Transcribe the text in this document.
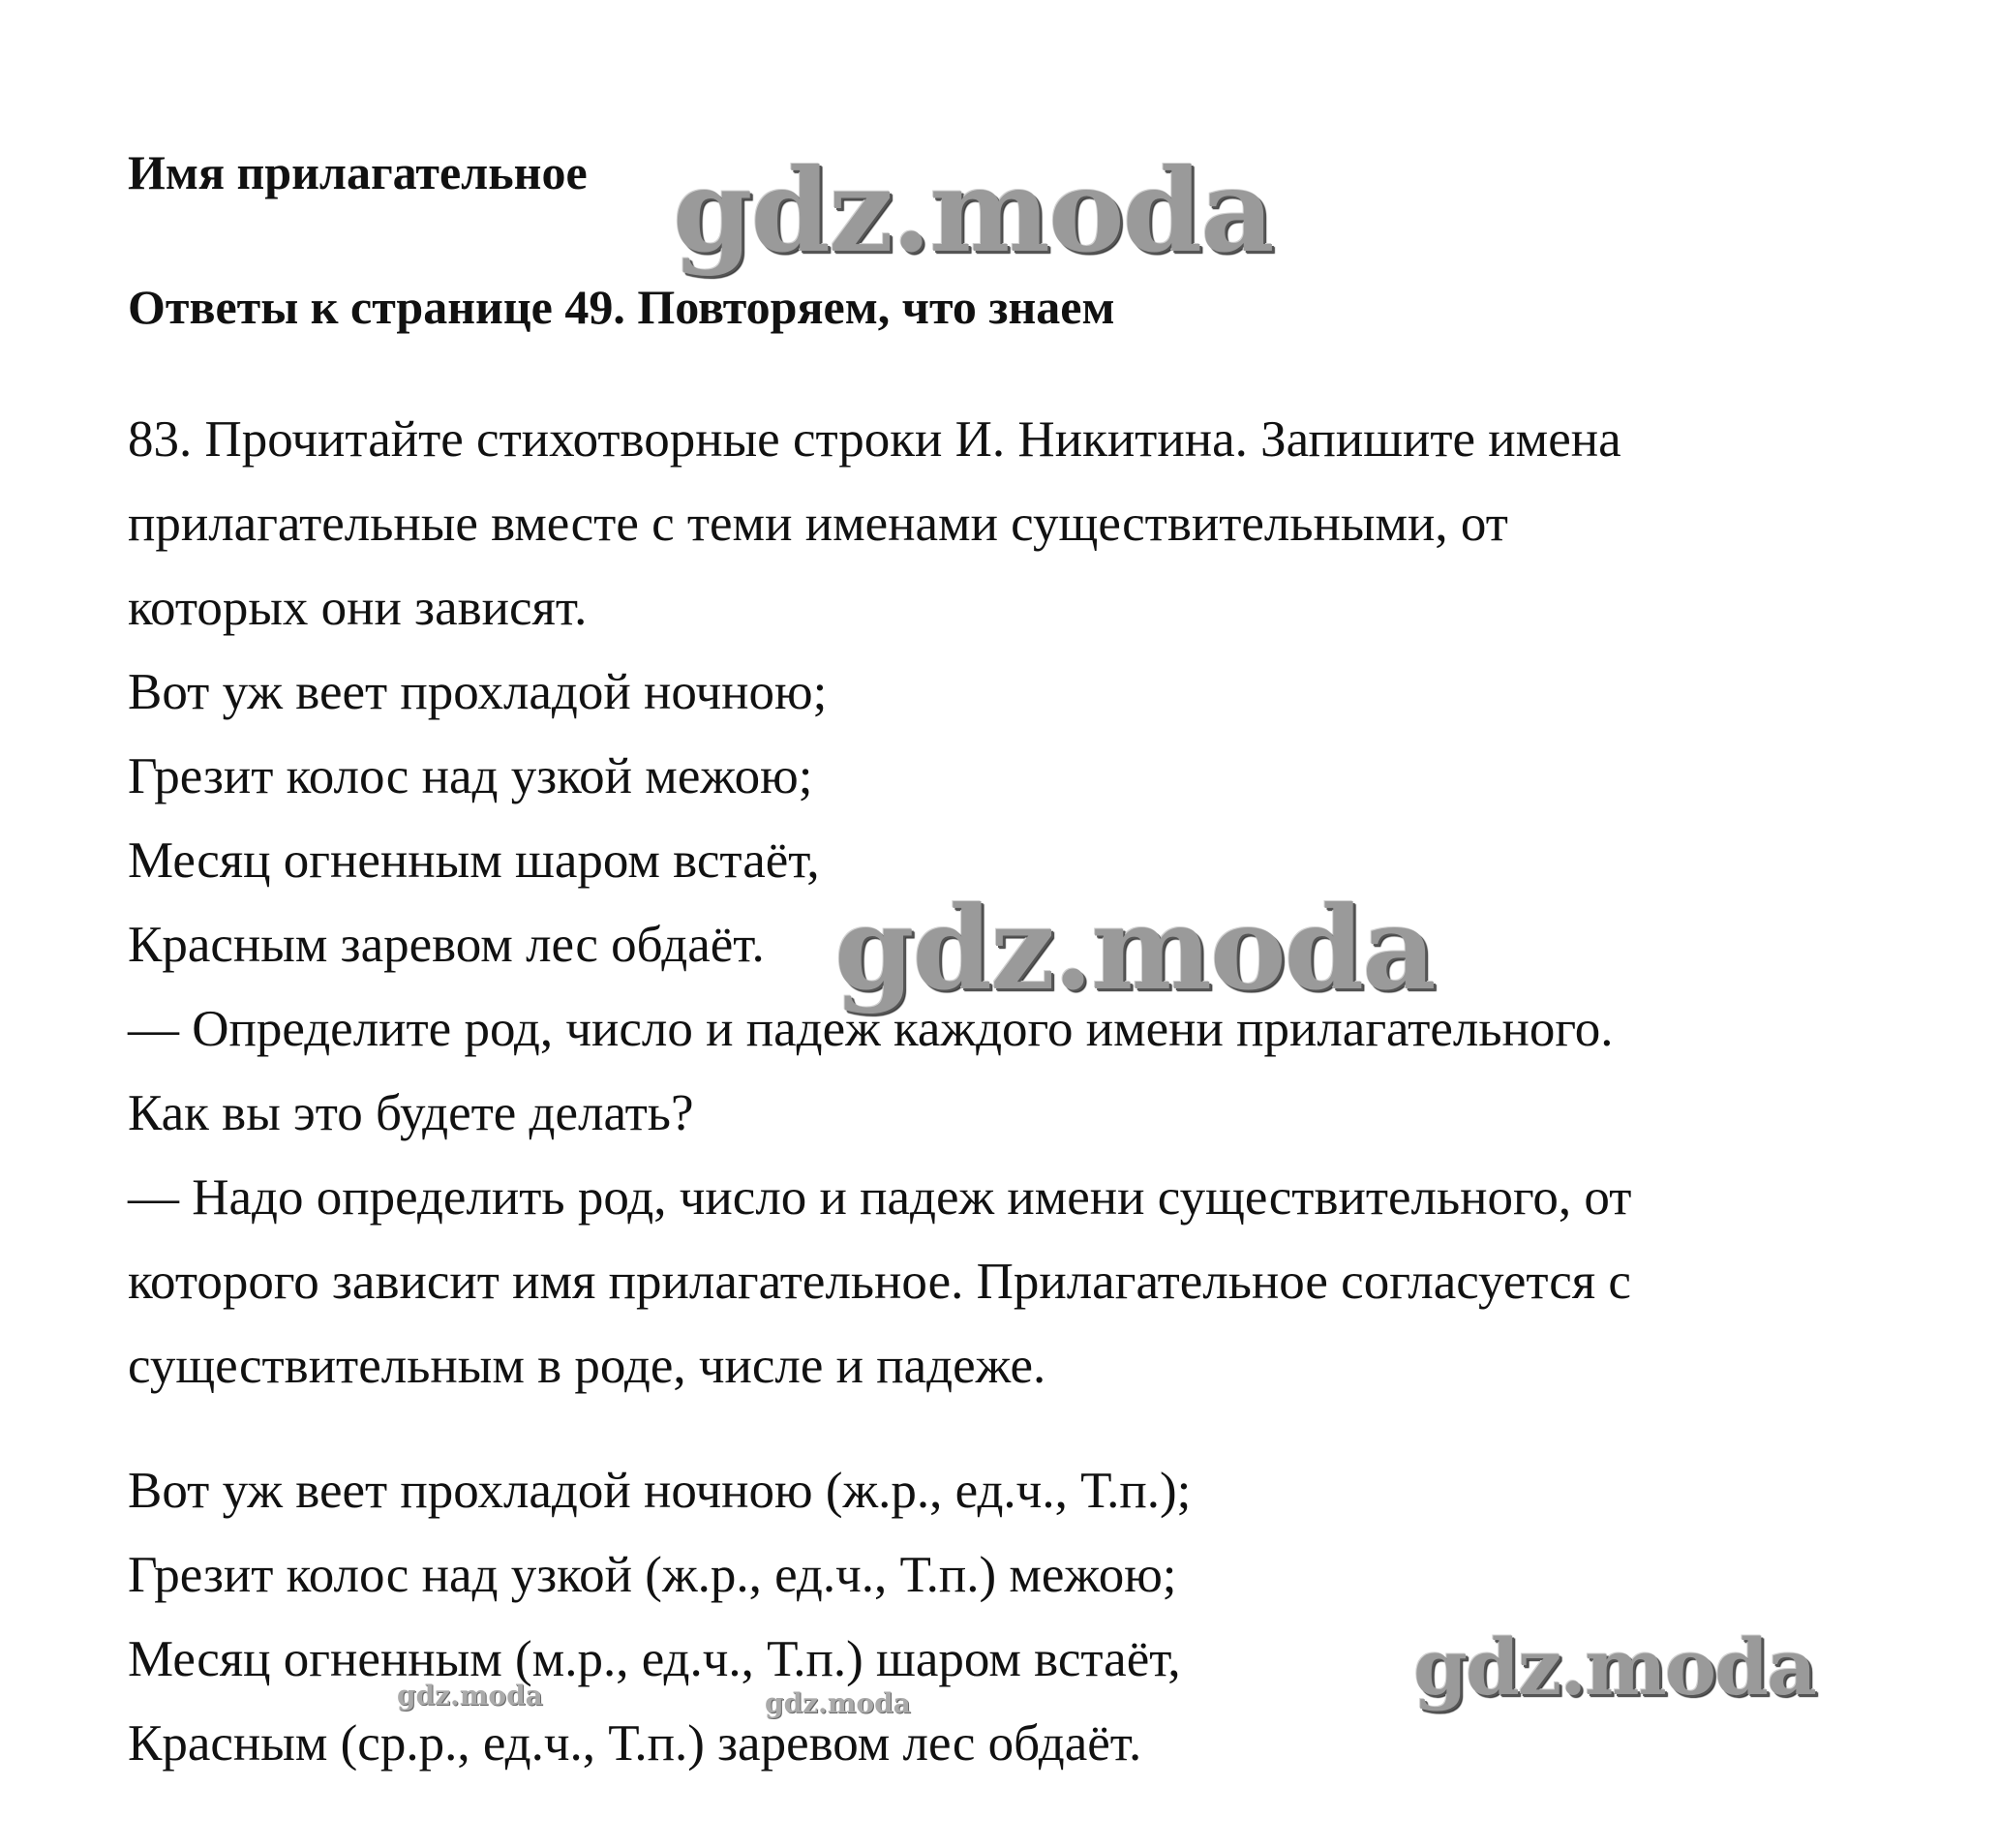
Имя прилагательное
Ответы к странице 49. Повторяем, что знаем

83. Прочитайте стихотворные строки И. Никитина. Запишите имена

прилагательные вместе с теми именами существительными, от

которых они зависят.

Вот уж веет прохладой ночною;

Грезит колос над узкой межою;

Месяц огненным шаром встаёт,

Красным заревом лес обдаёт.

— Определите род, число и падеж каждого имени прилагательного.

Как вы это будете делать?

— Надо определить род, число и падеж имени существительного, от

которого зависит имя прилагательное. Прилагательное согласуется с

существительным в роде, числе и падеже.

Вот уж веет прохладой ночною (ж.р., ед.ч., Т.п.);

Грезит колос над узкой (ж.р., ед.ч., Т.п.) межою;

Месяц огненным (м.р., ед.ч., Т.п.) шаром встаёт,

Красным (ср.р., ед.ч., Т.п.) заревом лес обдаёт.

gdz.moda
gdz.moda
gdz.moda
gdz.moda	gdz.moda
